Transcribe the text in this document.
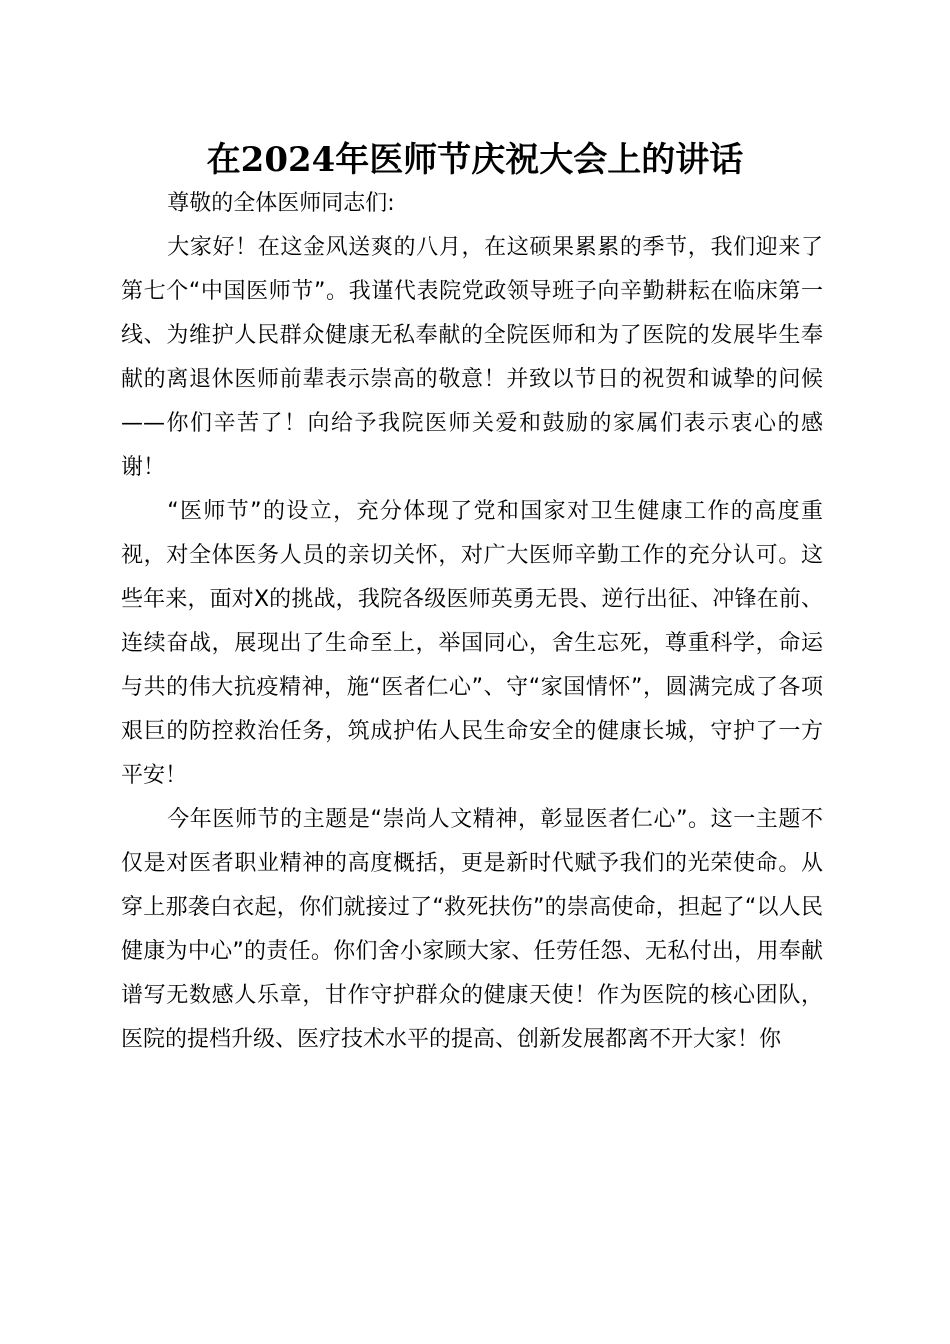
在2024年医师节庆祝大会上的讲话

尊敬的全体医师同志们:

大家好！在这金风送爽的八月，在这硕果累累的季节，我们迎来了第七个“中国医师节”。我谨代表院党政领导班子向辛勤耕耘在临床第一线、为维护人民群众健康无私奉献的全院医师和为了医院的发展毕生奉献的离退休医师前辈表示崇高的敬意！并致以节日的祝贺和诚挚的问候——你们辛苦了！向给予我院医师关爱和鼓励的家属们表示衷心的感谢！

“医师节”的设立，充分体现了党和国家对卫生健康工作的高度重视，对全体医务人员的亲切关怀，对广大医师辛勤工作的充分认可。这些年来，面对X的挑战，我院各级医师英勇无畏、逆行出征、冲锋在前、连续奋战，展现出了生命至上，举国同心，舍生忘死，尊重科学，命运与共的伟大抗疫精神，施“医者仁心”、守“家国情怀”，圆满完成了各项艰巨的防控救治任务，筑成护佑人民生命安全的健康长城，守护了一方平安！

今年医师节的主题是“崇尚人文精神，彰显医者仁心”。这一主题不仅是对医者职业精神的高度概括，更是新时代赋予我们的光荣使命。从穿上那袭白衣起，你们就接过了“救死扶伤”的崇高使命，担起了“以人民健康为中心”的责任。你们舍小家顾大家、任劳任怨、无私付出，用奉献谱写无数感人乐章，甘作守护群众的健康天使！作为医院的核心团队，医院的提档升级、医疗技术水平的提高、创新发展都离不开大家！你
